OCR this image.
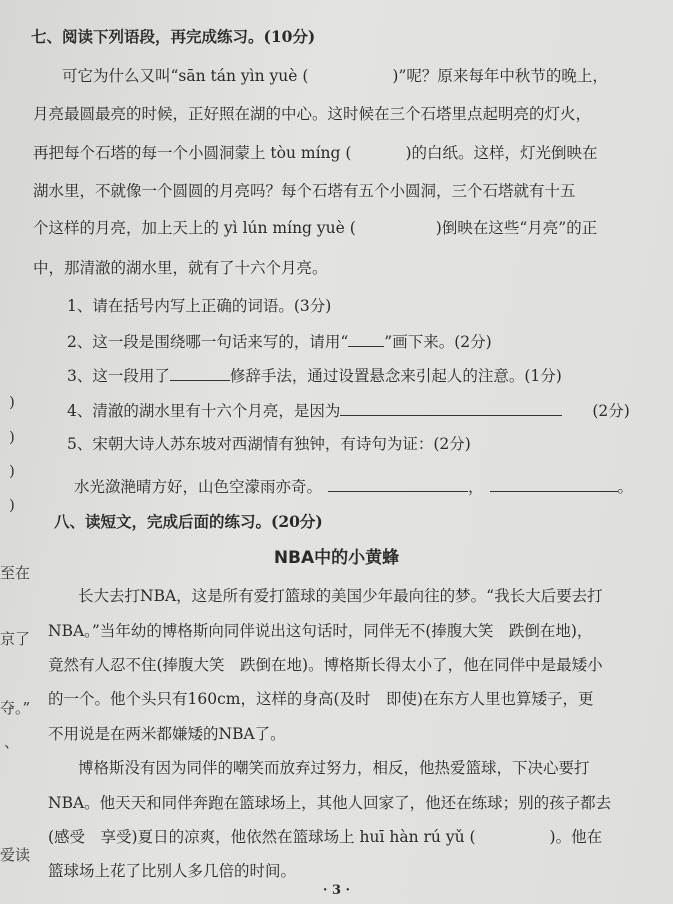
七、阅读下列语段，再完成练习。(10分)
可它为什么又叫“sān tán yìn yuè (	)”呢？原来每年中秋节的晚上，
月亮最圆最亮的时候，正好照在湖的中心。这时候在三个石塔里点起明亮的灯火，
再把每个石塔的每一个小圆洞蒙上 tòu míng (	)的白纸。这样，灯光倒映在
湖水里，不就像一个圆圆的月亮吗？每个石塔有五个小圆洞，三个石塔就有十五
个这样的月亮，加上天上的 yì lún míng yuè (	)倒映在这些“月亮”的正
中，那清澈的湖水里，就有了十六个月亮。
1、请在括号内写上正确的词语。(3分)
2、这一段是围绕哪一句话来写的，请用“ ”画下来。(2分)
3、这一段用了	修辞手法，通过设置悬念来引起人的注意。(1分)
4、清澈的湖水里有十六个月亮，是因为	(2分)
5、宋朝大诗人苏东坡对西湖情有独钟，有诗句为证：(2分)
水光潋滟晴方好，山色空濛雨亦奇。	，	。
八、读短文，完成后面的练习。(20分)
NBA中的小黄蜂
长大去打NBA，这是所有爱打篮球的美国少年最向往的梦。“我长大后要去打
NBA。”当年幼的博格斯向同伴说出这句话时，同伴无不(捧腹大笑　跌倒在地)，
竟然有人忍不住(捧腹大笑　跌倒在地)。博格斯长得太小了，他在同伴中是最矮小
的一个。他个头只有160cm，这样的身高(及时　即使)在东方人里也算矮子，更
不用说是在两米都嫌矮的NBA了。
博格斯没有因为同伴的嘲笑而放弃过努力，相反，他热爱篮球，下决心要打
NBA。他天天和同伴奔跑在篮球场上，其他人回家了，他还在练球；别的孩子都去
(感受　享受)夏日的凉爽，他依然在篮球场上 huī hàn rú yǔ (	)。他在
篮球场上花了比别人多几倍的时间。
)
)
)
)
至在
京了
夺。”
、
爱读
· 3 ·
